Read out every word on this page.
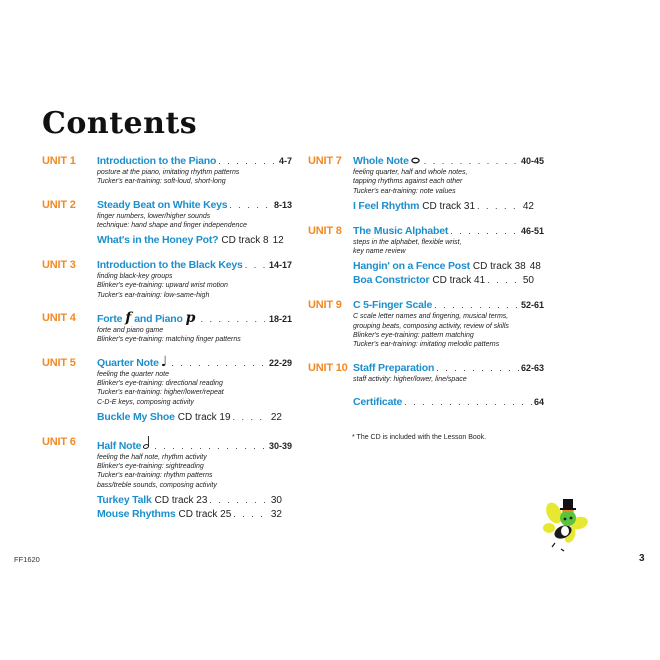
Contents
UNIT 1 Introduction to the Piano . . .	4-7
posture at the piano, imitating rhythm patterns
Tucker's ear-training: soft-loud, short-long
UNIT 2 Steady Beat on White Keys . . .	8-13
finger numbers, lower/higher sounds
technique: hand shape and finger independence
What's in the Honey Pot? CD track 8 12
UNIT 3 Introduction to the Black Keys . . .	14-17
finding black-key groups
Blinker's eye-training: upward wrist motion
Tucker's ear-training: low-same-high
UNIT 4 Forte f and Piano p . . .	18-21
forte and piano game
Blinker's eye-training: matching finger patterns
UNIT 5 Quarter Note ♩ . . .	22-29
feeling the quarter note
Blinker's eye-training: directional reading
Tucker's ear-training: higher/lower/repeat
C-D-E keys, composing activity
Buckle My Shoe CD track 19 . . .	22
UNIT 6 Half Note . . .	30-39
feeling the half note, rhythm activity
Blinker's eye-training: sightreading
Tucker's ear-training: rhythm patterns
bass/treble sounds, composing activity
Turkey Talk CD track 23 . . .	30
Mouse Rhythms CD track 25 . . .	32
UNIT 7 Whole Note . . .	40-45
feeling quarter, half and whole notes,
tapping rhythms against each other
Tucker's ear-training: note values
I Feel Rhythm CD track 31 . . .	42
UNIT 8 The Music Alphabet . . .	46-51
steps in the alphabet, flexible wrist,
key name review
Hangin' on a Fence Post CD track 38 48
Boa Constrictor CD track 41 . . .	50
UNIT 9 C 5-Finger Scale . . .	52-61
C scale letter names and fingering, musical terms,
grouping beats, composing activity, review of skills
Blinker's eye-training: pattern matching
Tucker's ear-training: imitating melodic patterns
UNIT 10 Staff Preparation . . .	62-63
staff activity: higher/lower, line/space
Certificate . . .	64
* The CD is included with the Lesson Book.
FF1620	3
